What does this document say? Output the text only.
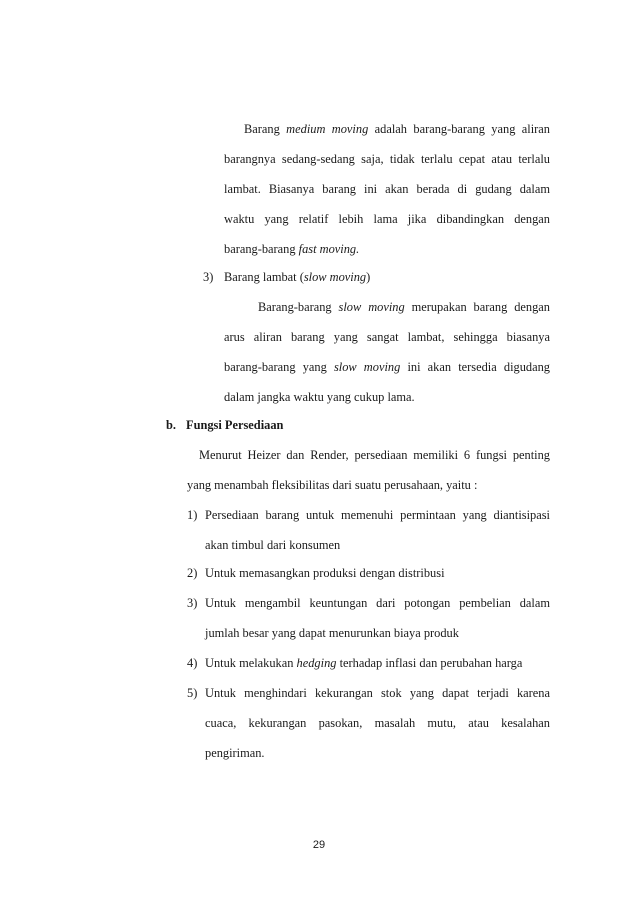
Barang medium moving adalah barang-barang yang aliran
barangnya sedang-sedang saja, tidak terlalu cepat atau terlalu
lambat. Biasanya barang ini akan berada di gudang dalam
waktu yang relatif lebih lama jika dibandingkan dengan
barang-barang fast moving.
3) Barang lambat (slow moving)
Barang-barang slow moving merupakan barang dengan
arus aliran barang yang sangat lambat, sehingga biasanya
barang-barang yang slow moving ini akan tersedia digudang
dalam jangka waktu yang cukup lama.
b. Fungsi Persediaan
Menurut Heizer dan Render, persediaan memiliki 6 fungsi penting
yang menambah fleksibilitas dari suatu perusahaan, yaitu :
1) Persediaan barang untuk memenuhi permintaan yang diantisipasi
akan timbul dari konsumen
2) Untuk memasangkan produksi dengan distribusi
3) Untuk mengambil keuntungan dari potongan pembelian dalam
jumlah besar yang dapat menurunkan biaya produk
4) Untuk melakukan hedging terhadap inflasi dan perubahan harga
5) Untuk menghindari kekurangan stok yang dapat terjadi karena
cuaca, kekurangan pasokan, masalah mutu, atau kesalahan
pengiriman.
29
